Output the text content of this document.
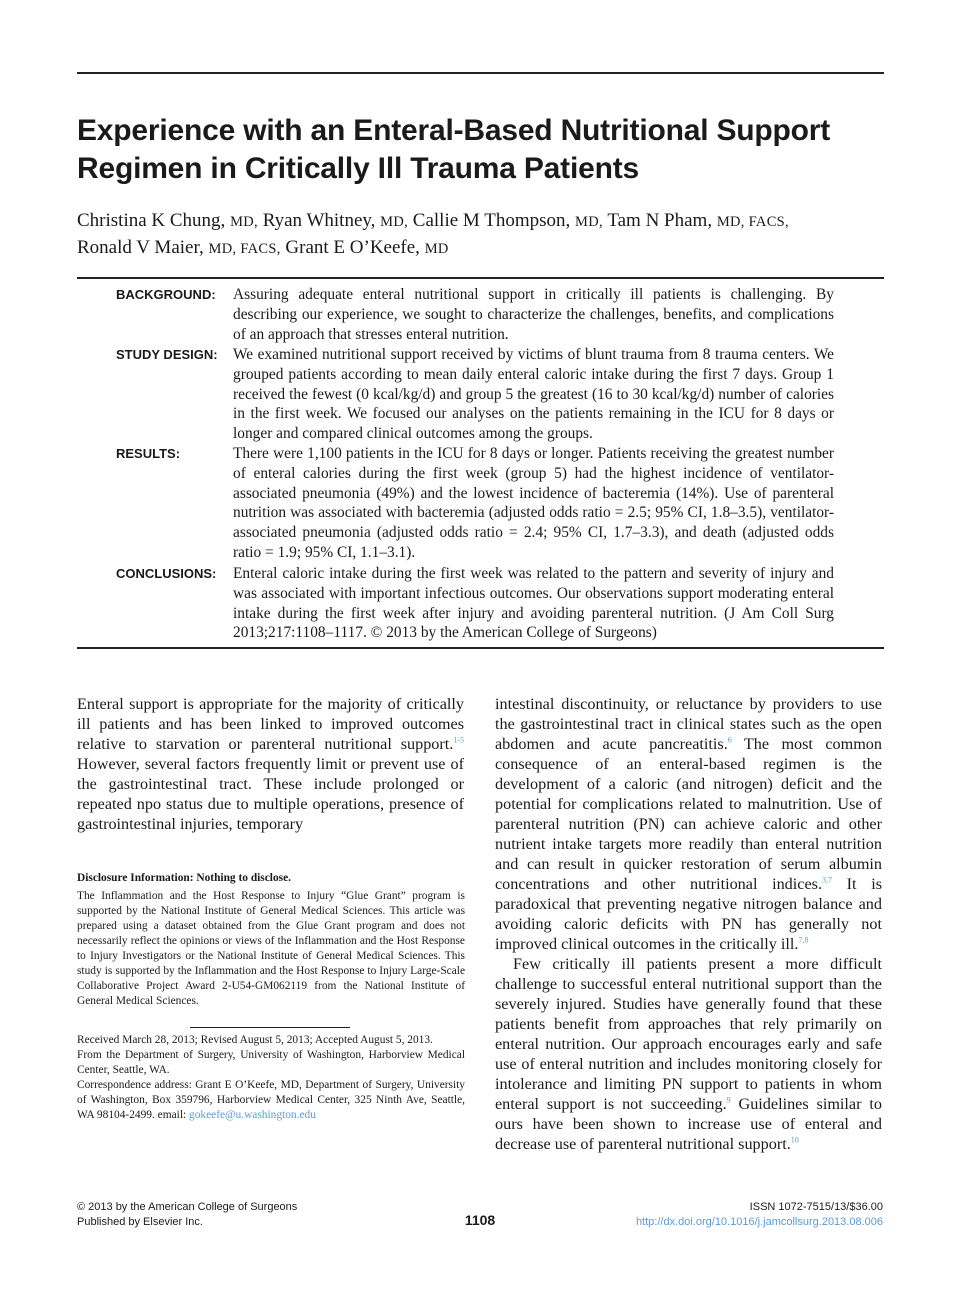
Experience with an Enteral-Based Nutritional Support Regimen in Critically Ill Trauma Patients
Christina K Chung, MD, Ryan Whitney, MD, Callie M Thompson, MD, Tam N Pham, MD, FACS,
Ronald V Maier, MD, FACS, Grant E O’Keefe, MD
BACKGROUND:	Assuring adequate enteral nutritional support in critically ill patients is challenging. By describing our experience, we sought to characterize the challenges, benefits, and complications of an approach that stresses enteral nutrition.
STUDY DESIGN: We examined nutritional support received by victims of blunt trauma from 8 trauma centers. We grouped patients according to mean daily enteral caloric intake during the first 7 days. Group 1 received the fewest (0 kcal/kg/d) and group 5 the greatest (16 to 30 kcal/kg/d) number of calories in the first week. We focused our analyses on the patients remaining in the ICU for 8 days or longer and compared clinical outcomes among the groups.
RESULTS:	There were 1,100 patients in the ICU for 8 days or longer. Patients receiving the greatest number of enteral calories during the first week (group 5) had the highest incidence of ventilator-associated pneumonia (49%) and the lowest incidence of bacteremia (14%). Use of parenteral nutrition was associated with bacteremia (adjusted odds ratio = 2.5; 95% CI, 1.8–3.5), ventilator-associated pneumonia (adjusted odds ratio = 2.4; 95% CI, 1.7–3.3), and death (adjusted odds ratio = 1.9; 95% CI, 1.1–3.1).
CONCLUSIONS:	Enteral caloric intake during the first week was related to the pattern and severity of injury and was associated with important infectious outcomes. Our observations support moderating enteral intake during the first week after injury and avoiding parenteral nutrition. (J Am Coll Surg 2013;217:1108–1117. © 2013 by the American College of Surgeons)

Enteral support is appropriate for the majority of critically ill patients and has been linked to improved outcomes relative to starvation or parenteral nutritional support.$^{1-5}$ However, several factors frequently limit or prevent use of the gastrointestinal tract. These include prolonged or repeated npo status due to multiple operations, presence of gastrointestinal injuries, temporary

intestinal discontinuity, or reluctance by providers to use the gastrointestinal tract in clinical states such as the open abdomen and acute pancreatitis.$^6$ The most common consequence of an enteral-based regimen is the development of a caloric (and nitrogen) deficit and the potential for complications related to malnutrition. Use of parenteral nutrition (PN) can achieve caloric and other nutrient intake targets more readily than enteral nutrition and can result in quicker restoration of serum albumin concentrations and other nutritional indices.$^{3,7}$ It is paradoxical that preventing negative nitrogen balance and avoiding caloric deficits with PN has generally not improved clinical outcomes in the critically ill.$^{7,8}$

Few critically ill patients present a more difficult challenge to successful enteral nutritional support than the severely injured. Studies have generally found that these patients benefit from approaches that rely primarily on enteral nutrition. Our approach encourages early and safe use of enteral nutrition and includes monitoring closely for intolerance and limiting PN support to patients in whom enteral support is not succeeding.$^9$ Guidelines similar to ours have been shown to increase use of enteral and decrease use of parenteral nutritional support.$^{10}$

Disclosure Information: Nothing to disclose.

The Inflammation and the Host Response to Injury “Glue Grant” program is supported by the National Institute of General Medical Sciences. This article was prepared using a dataset obtained from the Glue Grant program and does not necessarily reflect the opinions or views of the Inflammation and the Host Response to Injury Investigators or the National Institute of General Medical Sciences. This study is supported by the Inflammation and the Host Response to Injury Large-Scale Collaborative Project Award 2-U54-GM062119 from the National Institute of General Medical Sciences.

Received March 28, 2013; Revised August 5, 2013; Accepted August 5, 2013.

From the Department of Surgery, University of Washington, Harborview Medical Center, Seattle, WA.

Correspondence address: Grant E O’Keefe, MD, Department of Surgery, University of Washington, Box 359796, Harborview Medical Center, 325 Ninth Ave, Seattle, WA 98104-2499. email: gokeefe@u.washington.edu

© 2013 by the American College of Surgeons
Published by Elsevier Inc.	1108
ISSN 1072-7515/13/$36.00
http://dx.doi.org/10.1016/j.jamcollsurg.2013.08.006
